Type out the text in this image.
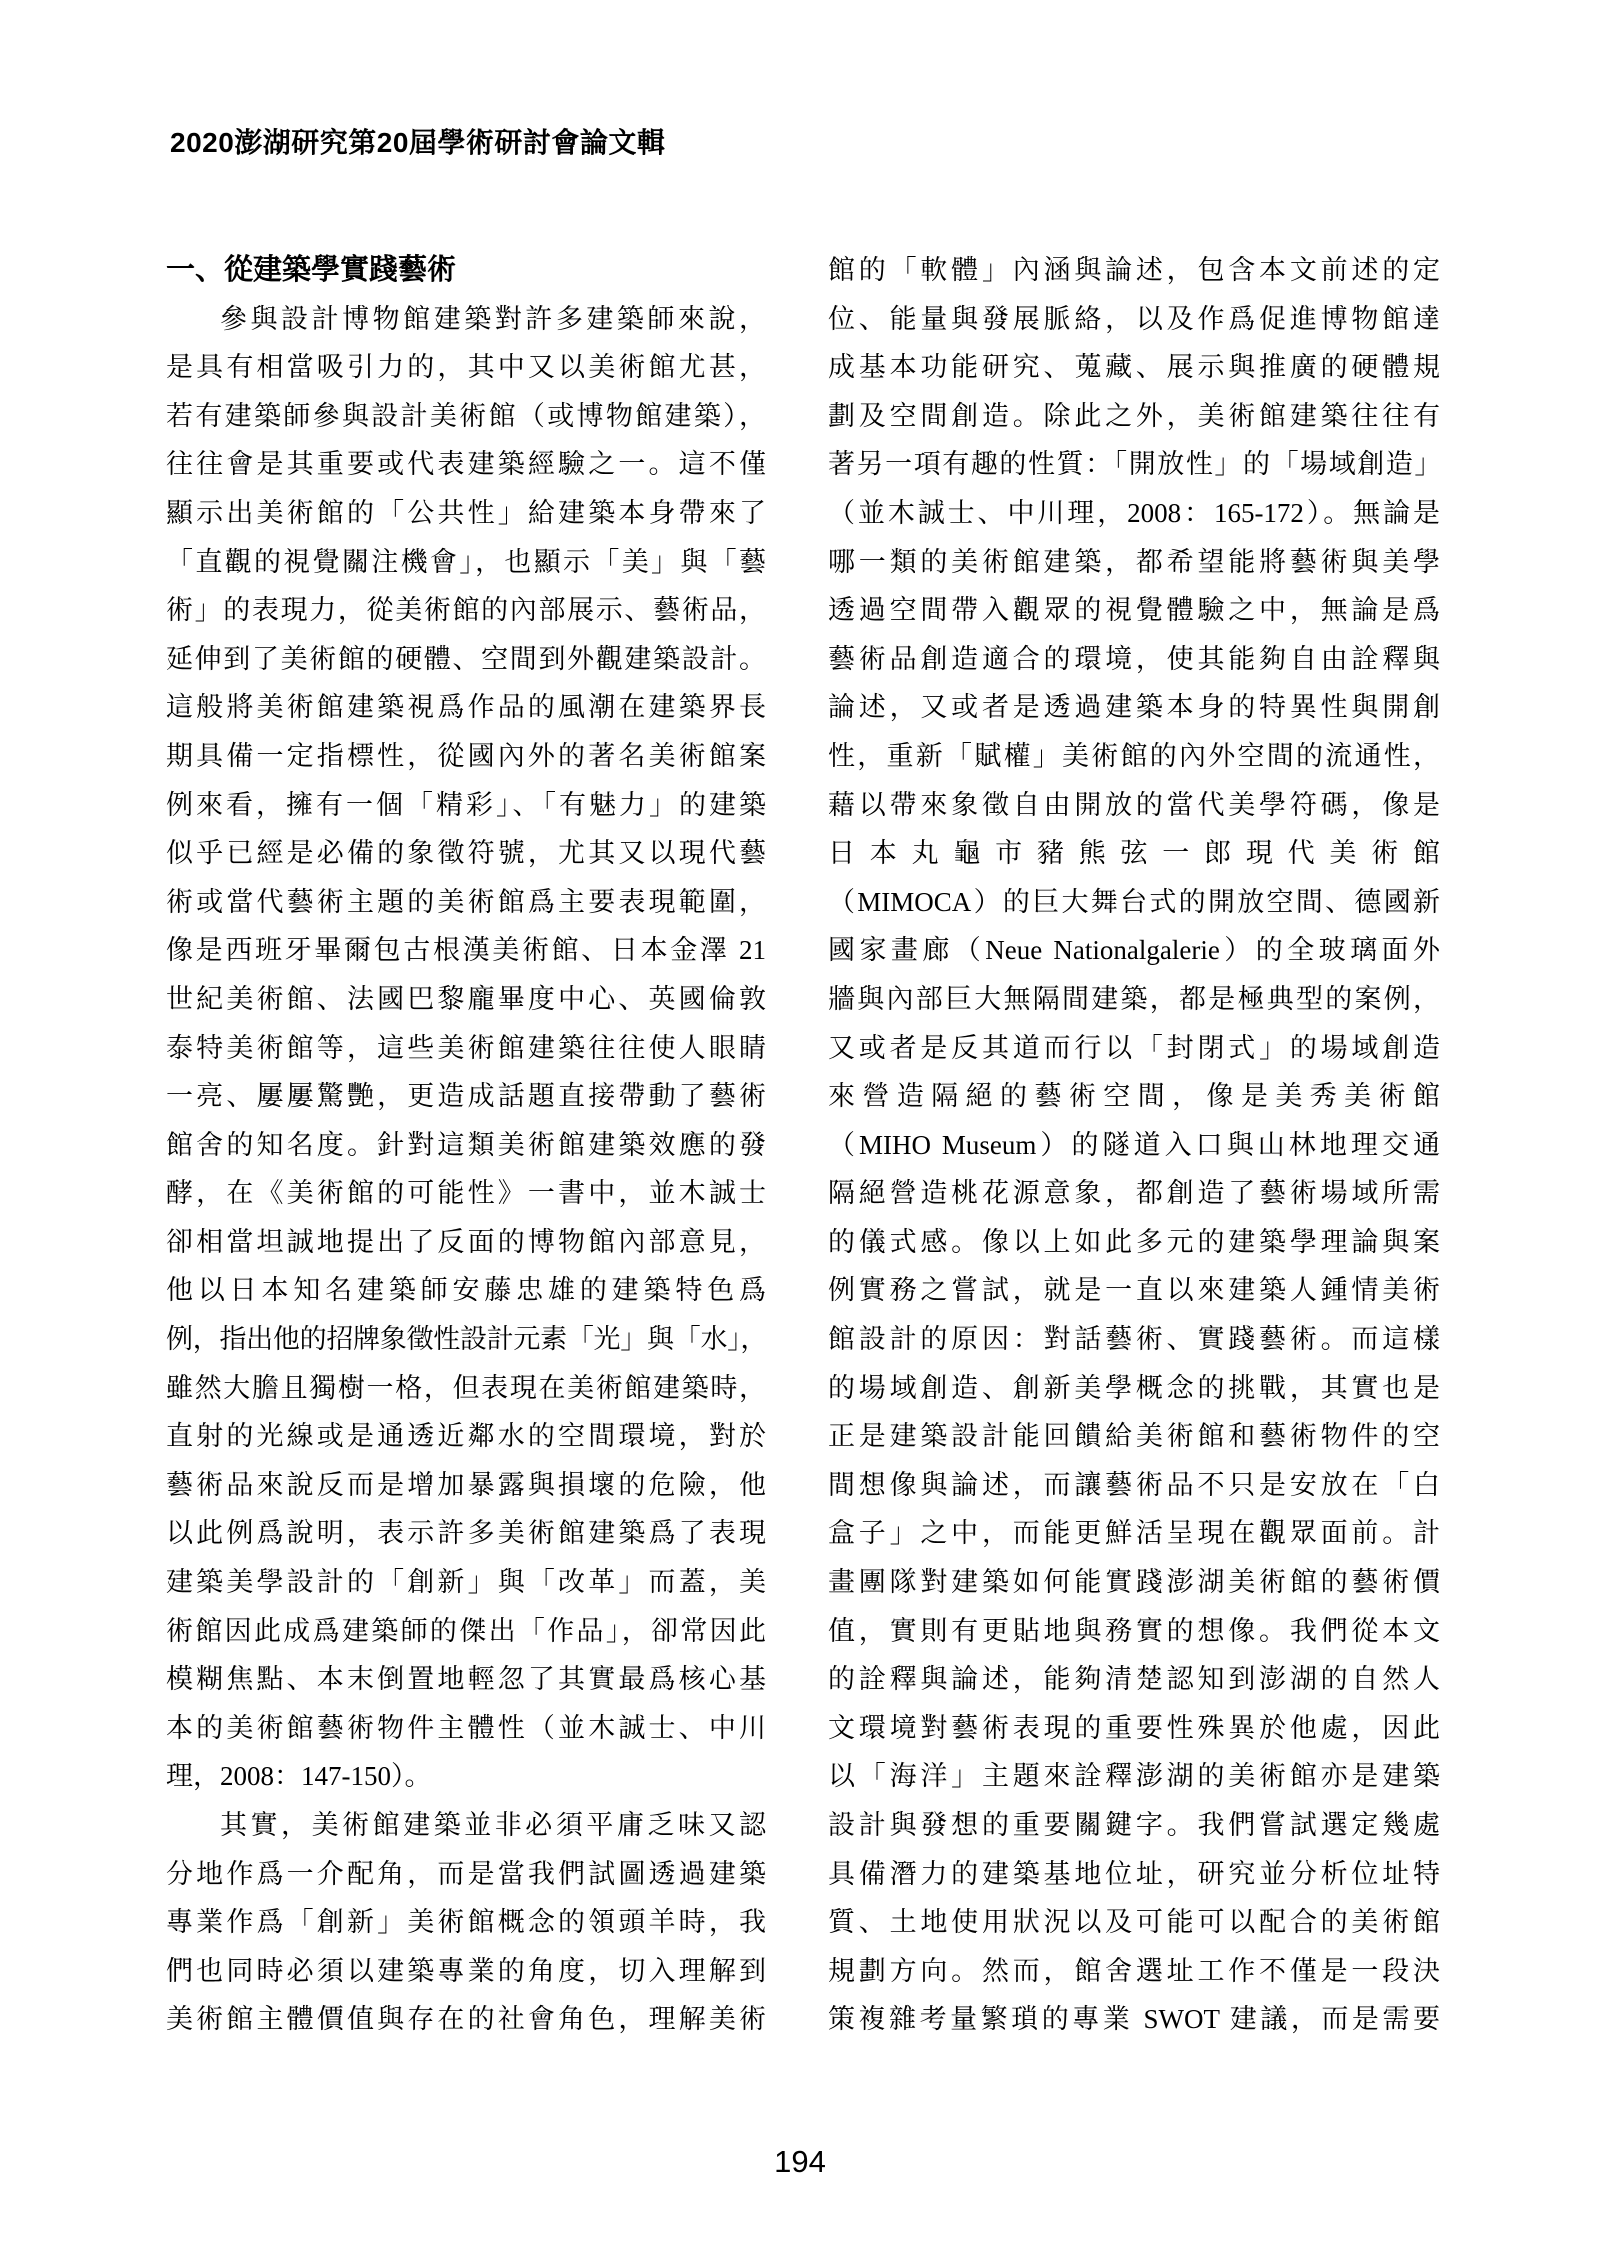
2020澎湖研究第20屆學術研討會論文輯
一、從建築學實踐藝術
參與設計博物館建築對許多建築師來說，
是具有相當吸引力的，其中又以美術館尤甚，
若有建築師參與設計美術館（或博物館建築），
往往會是其重要或代表建築經驗之一。這不僅
顯示出美術館的「公共性」給建築本身帶來了
「直觀的視覺關注機會」，也顯示「美」與「藝
術」的表現力，從美術館的內部展示、藝術品，
延伸到了美術館的硬體、空間到外觀建築設計。
這般將美術館建築視爲作品的風潮在建築界長
期具備一定指標性，從國內外的著名美術館案
例來看，擁有一個「精彩」、「有魅力」的建築
似乎已經是必備的象徵符號，尤其又以現代藝
術或當代藝術主題的美術館爲主要表現範圍，
像是西班牙畢爾包古根漢美術館、日本金澤 21
世紀美術館、法國巴黎龐畢度中心、英國倫敦
泰特美術館等，這些美術館建築往往使人眼睛
一亮、屢屢驚艷，更造成話題直接帶動了藝術
館舍的知名度。針對這類美術館建築效應的發
酵，在《美術館的可能性》一書中，並木誠士
卻相當坦誠地提出了反面的博物館內部意見，
他以日本知名建築師安藤忠雄的建築特色爲
例，指出他的招牌象徵性設計元素「光」與「水」，
雖然大膽且獨樹一格，但表現在美術館建築時，
直射的光線或是通透近鄰水的空間環境，對於
藝術品來說反而是增加暴露與損壞的危險，他
以此例爲說明，表示許多美術館建築爲了表現
建築美學設計的「創新」與「改革」而蓋，美
術館因此成爲建築師的傑出「作品」，卻常因此
模糊焦點、本末倒置地輕忽了其實最爲核心基
本的美術館藝術物件主體性（並木誠士、中川
理，2008：147-150）。
其實，美術館建築並非必須平庸乏味又認
分地作爲一介配角，而是當我們試圖透過建築
專業作爲「創新」美術館概念的領頭羊時，我
們也同時必須以建築專業的角度，切入理解到
美術館主體價值與存在的社會角色，理解美術
館的「軟體」內涵與論述，包含本文前述的定
位、能量與發展脈絡，以及作爲促進博物館達
成基本功能研究、蒐藏、展示與推廣的硬體規
劃及空間創造。除此之外，美術館建築往往有
著另一項有趣的性質：「開放性」的「場域創造」
（並木誠士、中川理，2008：165-172）。無論是
哪一類的美術館建築，都希望能將藝術與美學
透過空間帶入觀眾的視覺體驗之中，無論是爲
藝術品創造適合的環境，使其能夠自由詮釋與
論述，又或者是透過建築本身的特異性與開創
性，重新「賦權」美術館的內外空間的流通性，
藉以帶來象徵自由開放的當代美學符碼，像是
日本丸龜市豬熊弦一郎現代美術館
（MIMOCA）的巨大舞台式的開放空間、德國新
國家畫廊（Neue Nationalgalerie）的全玻璃面外
牆與內部巨大無隔間建築，都是極典型的案例，
又或者是反其道而行以「封閉式」的場域創造
來營造隔絕的藝術空間，像是美秀美術館
（MIHO Museum）的隧道入口與山林地理交通
隔絕營造桃花源意象，都創造了藝術場域所需
的儀式感。像以上如此多元的建築學理論與案
例實務之嘗試，就是一直以來建築人鍾情美術
館設計的原因：對話藝術、實踐藝術。而這樣
的場域創造、創新美學概念的挑戰，其實也是
正是建築設計能回饋給美術館和藝術物件的空
間想像與論述，而讓藝術品不只是安放在「白
盒子」之中，而能更鮮活呈現在觀眾面前。計
畫團隊對建築如何能實踐澎湖美術館的藝術價
值，實則有更貼地與務實的想像。我們從本文
的詮釋與論述，能夠清楚認知到澎湖的自然人
文環境對藝術表現的重要性殊異於他處，因此
以「海洋」主題來詮釋澎湖的美術館亦是建築
設計與發想的重要關鍵字。我們嘗試選定幾處
具備潛力的建築基地位址，研究並分析位址特
質、土地使用狀況以及可能可以配合的美術館
規劃方向。然而，館舍選址工作不僅是一段決
策複雜考量繁瑣的專業 SWOT 建議，而是需要
194
